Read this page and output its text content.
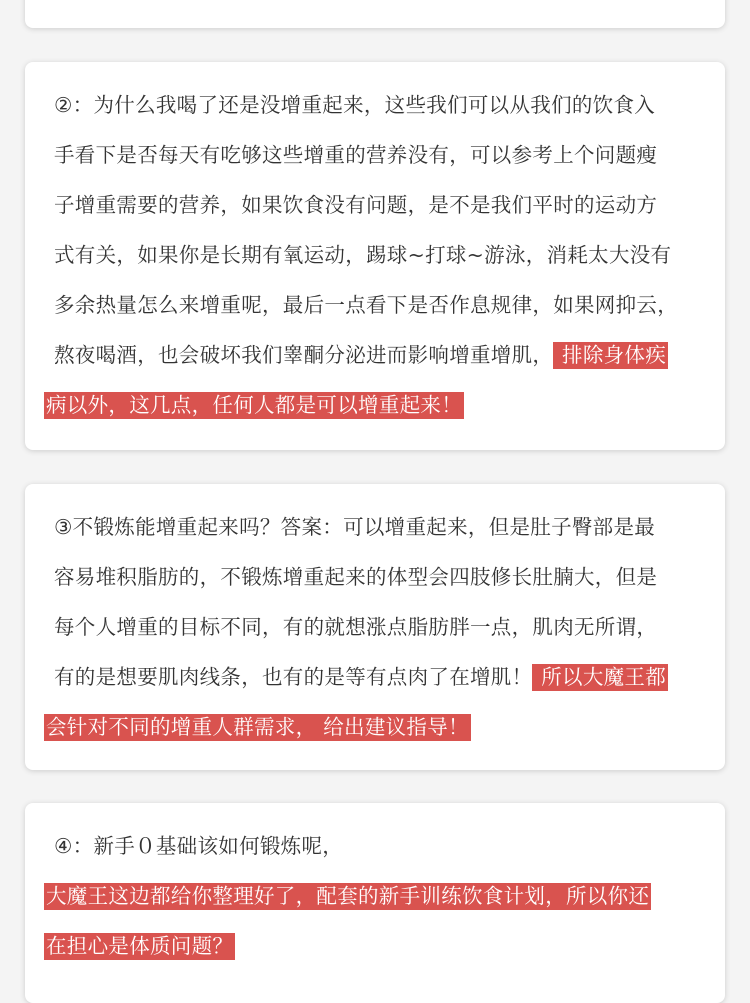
②：为什么我喝了还是没增重起来，这些我们可以从我们的饮食入
手看下是否每天有吃够这些增重的营养没有，可以参考上个问题瘦
子增重需要的营养，如果饮食没有问题，是不是我们平时的运动方
式有关，如果你是长期有氧运动，踢球~打球~游泳，消耗太大没有
多余热量怎么来增重呢，最后一点看下是否作息规律，如果网抑云，
熬夜喝酒，也会破坏我们睾酮分泌进而影响增重增肌， 排除身体疾
病以外，这几点，任何人都是可以增重起来！
③不锻炼能增重起来吗？答案：可以增重起来，但是肚子臀部是最
容易堆积脂肪的，不锻炼增重起来的体型会四肢修长肚腩大，但是
每个人增重的目标不同，有的就想涨点脂肪胖一点，肌肉无所谓，
有的是想要肌肉线条，也有的是等有点肉了在增肌！ 所以大魔王都
会针对不同的增重人群需求， 给出建议指导！
④：新手０基础该如何锻炼呢，
大魔王这边都给你整理好了，配套的新手训练饮食计划，所以你还
在担心是体质问题？
